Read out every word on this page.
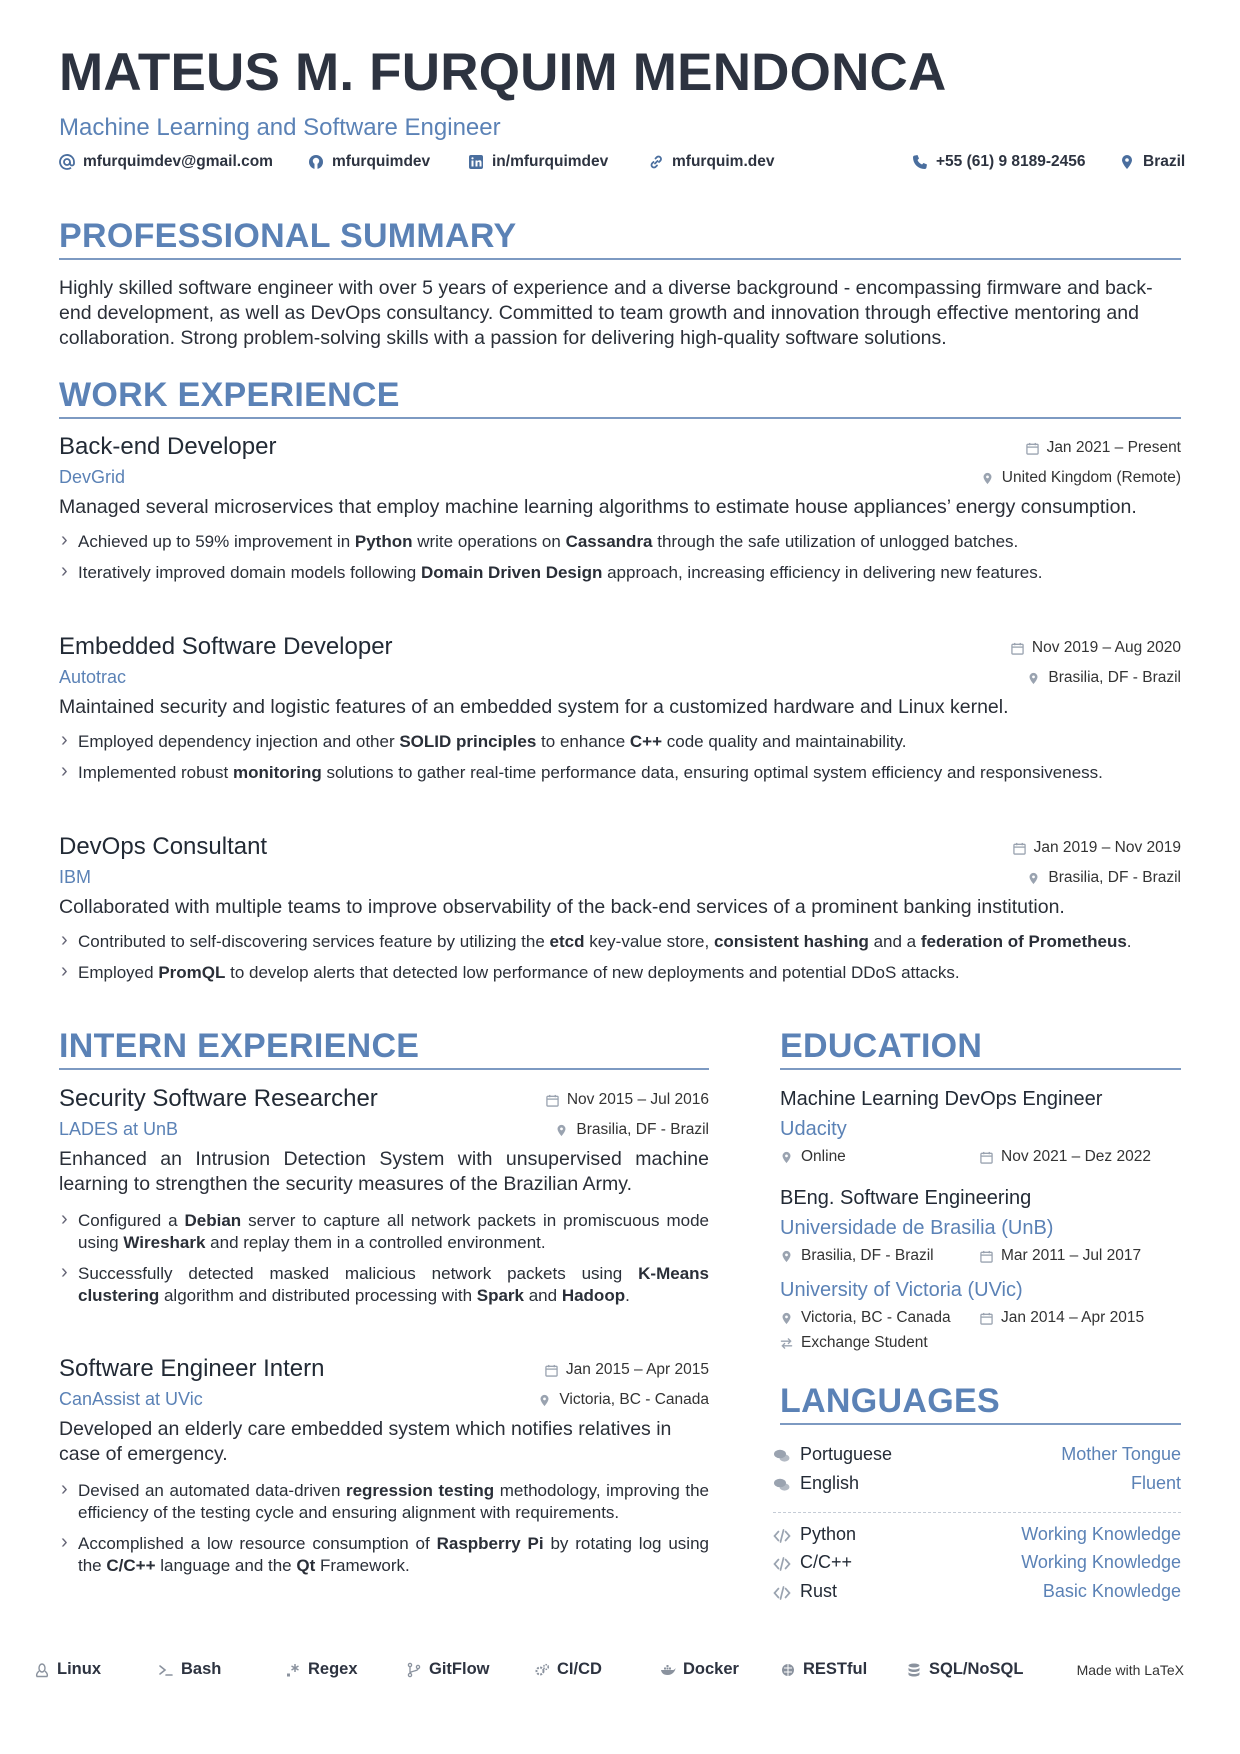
MATEUS M. FURQUIM MENDONCA
Machine Learning and Software Engineer
mfurquimdev@gmail.com	mfurquimdev	in/mfurquimdev	mfurquim.dev	+55 (61) 9 8189-2456	Brazil
PROFESSIONAL SUMMARY

Highly skilled software engineer with over 5 years of experience and a diverse background - encompassing firmware and back-end development, as well as DevOps consultancy. Committed to team growth and innovation through effective mentoring and collaboration. Strong problem-solving skills with a passion for delivering high-quality software solutions.

WORK EXPERIENCE
Back-end Developer
DevGrid
Jan 2021 – Present
United Kingdom (Remote)
Managed several microservices that employ machine learning algorithms to estimate house appliances’ energy consumption.
› Achieved up to 59% improvement in Python write operations on Cassandra through the safe utilization of unlogged batches.
› Iteratively improved domain models following Domain Driven Design approach, increasing efficiency in delivering new features.
Embedded Software Developer
Autotrac
Nov 2019 – Aug 2020
Brasilia, DF - Brazil
Maintained security and logistic features of an embedded system for a customized hardware and Linux kernel.
› Employed dependency injection and other SOLID principles to enhance C++ code quality and maintainability.
› Implemented robust monitoring solutions to gather real-time performance data, ensuring optimal system efficiency and responsiveness.
DevOps Consultant
IBM
Jan 2019 – Nov 2019
Brasilia, DF - Brazil
Collaborated with multiple teams to improve observability of the back-end services of a prominent banking institution.
› Contributed to self-discovering services feature by utilizing the etcd key-value store, consistent hashing and a federation of Prometheus.
› Employed PromQL to develop alerts that detected low performance of new deployments and potential DDoS attacks.
INTERN EXPERIENCE
Security Software Researcher
LADES at UnB
Nov 2015 – Jul 2016
Brasilia, DF - Brazil
Enhanced an Intrusion Detection System with unsupervised machine learning to strengthen the security measures of the Brazilian Army.
› Configured a Debian server to capture all network packets in promiscuous mode using Wireshark and replay them in a controlled environment.
› Successfully detected masked malicious network packets using K-Means clustering algorithm and distributed processing with Spark and Hadoop.
Software Engineer Intern
CanAssist at UVic
Jan 2015 – Apr 2015
Victoria, BC - Canada
Developed an elderly care embedded system which notifies relatives in case of emergency.
› Devised an automated data-driven regression testing methodology, improving the efficiency of the testing cycle and ensuring alignment with requirements.
› Accomplished a low resource consumption of Raspberry Pi by rotating log using the C/C++ language and the Qt Framework.
EDUCATION
Machine Learning DevOps Engineer
Udacity
Online	Nov 2021 – Dez 2022
BEng. Software Engineering
Universidade de Brasilia (UnB)
Brasilia, DF - Brazil	Mar 2011 – Jul 2017
University of Victoria (UVic)
Victoria, BC - Canada	Jan 2014 – Apr 2015
Exchange Student
LANGUAGES
Portuguese	Mother Tongue
English	Fluent
Python	Working Knowledge
C/C++	Working Knowledge
Rust	Basic Knowledge
Linux	Bash	Regex	GitFlow	CI/CD	Docker	RESTful	SQL/NoSQL	Made with LaTeX
